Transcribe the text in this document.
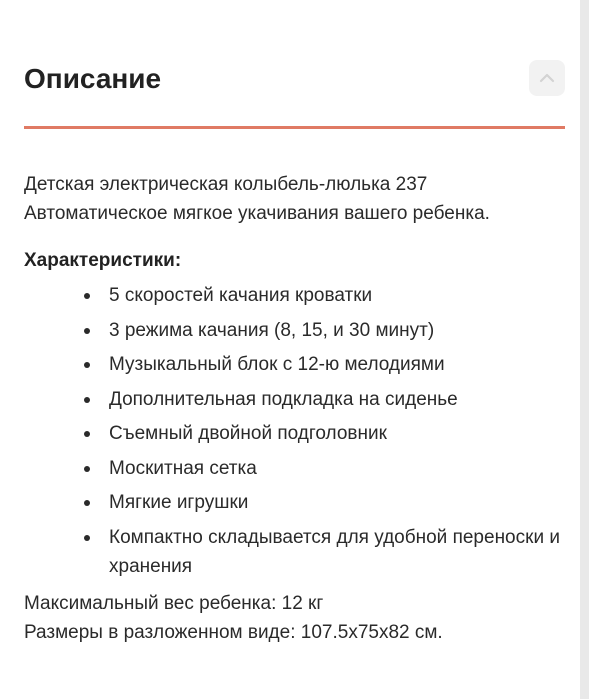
Описание

Детская электрическая колыбель-люлька 237

Автоматическое мягкое укачивания вашего ребенка.

Характеристики:
5 скоростей качания кроватки
3 режима качания (8, 15, и 30 минут)
Музыкальный блок с 12-ю мелодиями
Дополнительная подкладка на сиденье
Съемный двойной подголовник
Москитная сетка
Мягкие игрушки
Компактно складывается для удобной переноски и хранения

Максимальный вес ребенка: 12 кг

Размеры в разложенном виде: 107.5x75x82 см.
